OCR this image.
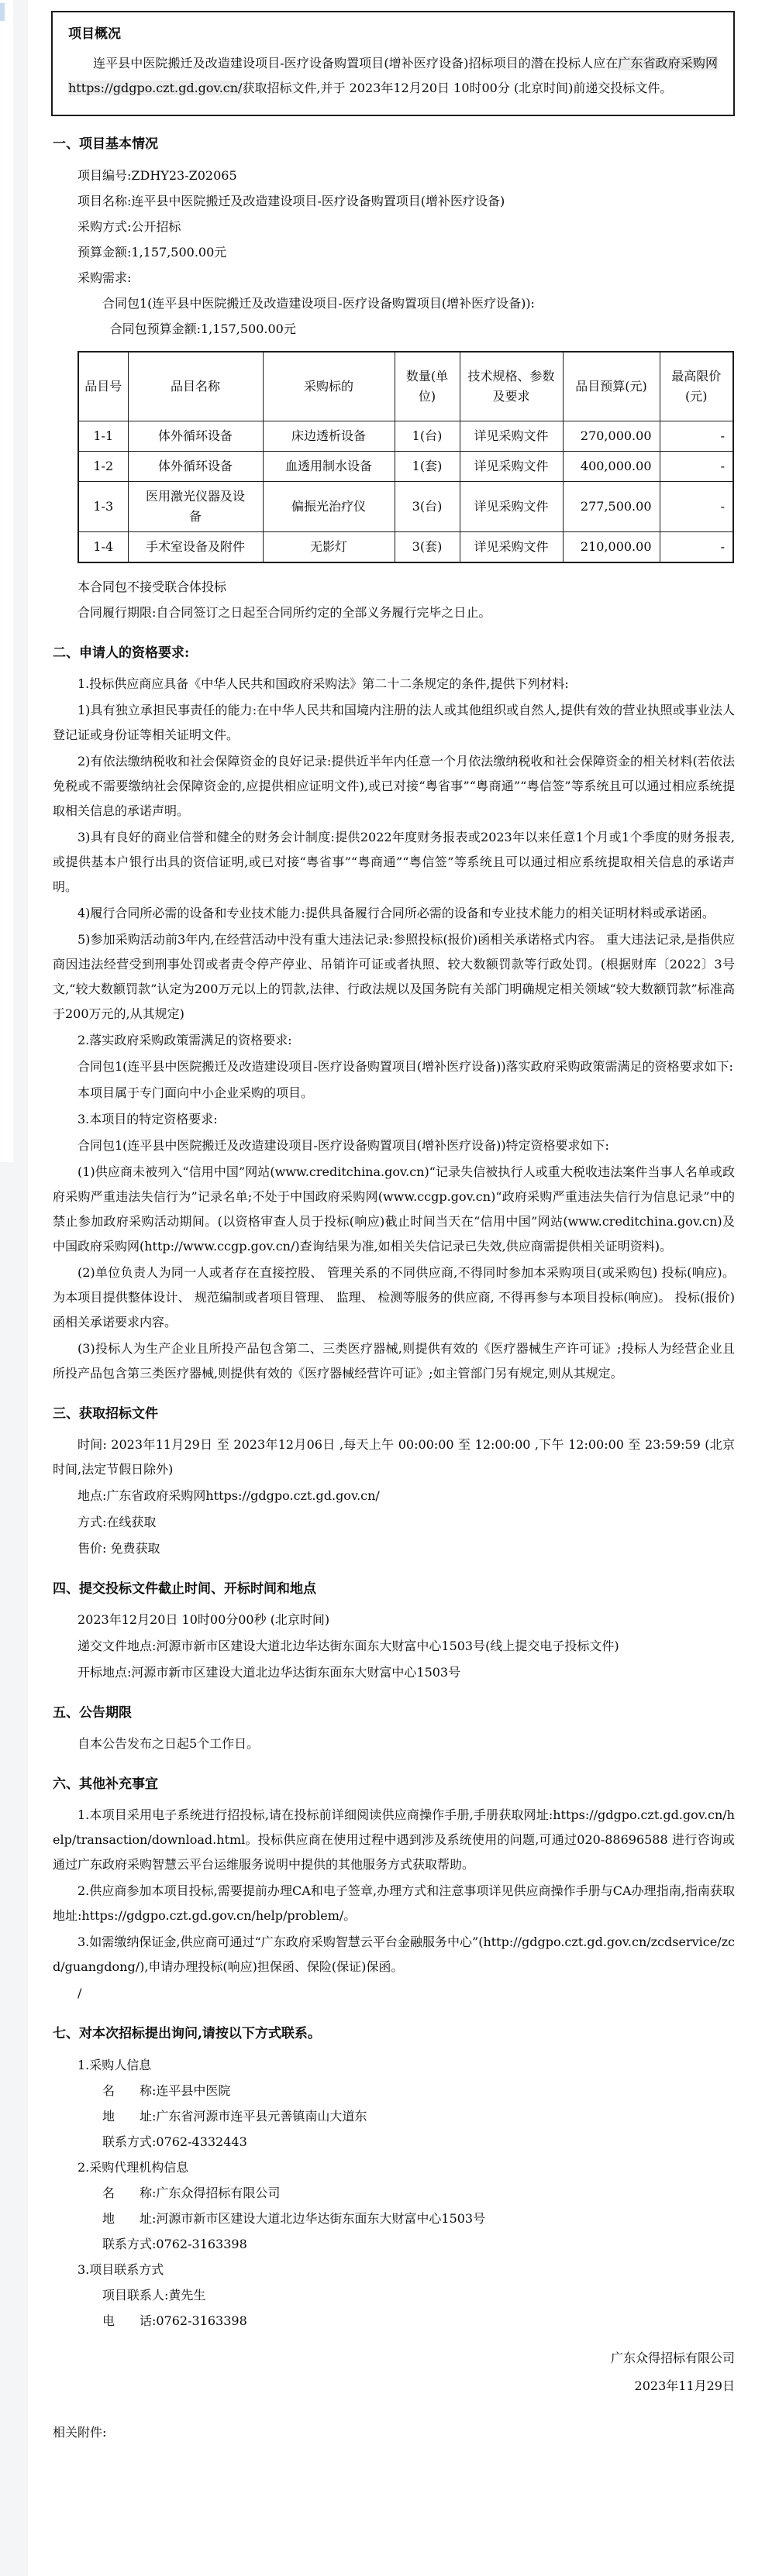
项目概况

连平县中医院搬迁及改造建设项目-医疗设备购置项目(增补医疗设备)招标项目的潜在投标人应在广东省政府采购网https://gdgpo.czt.gd.gov.cn/获取招标文件,并于 2023年12月20日 10时00分 (北京时间)前递交投标文件。

一、项目基本情况
项目编号:ZDHY23-Z02065
项目名称:连平县中医院搬迁及改造建设项目-医疗设备购置项目(增补医疗设备)
采购方式:公开招标
预算金额:1,157,500.00元
采购需求:
合同包1(连平县中医院搬迁及改造建设项目-医疗设备购置项目(增补医疗设备)):
合同包预算金额:1,157,500.00元
品目号	品目名称	采购标的	数量(单位)	技术规格、参数及要求	品目预算(元)	最高限价(元)
1-1	体外循环设备	床边透析设备	1(台)	详见采购文件	270,000.00	-
1-2	体外循环设备	血透用制水设备	1(套)	详见采购文件	400,000.00	-
1-3	医用激光仪器及设备	偏振光治疗仪	3(台)	详见采购文件	277,500.00	-
1-4	手术室设备及附件	无影灯	3(套)	详见采购文件	210,000.00	-
本合同包不接受联合体投标
合同履行期限:自合同签订之日起至合同所约定的全部义务履行完毕之日止。
二、申请人的资格要求:

1.投标供应商应具备《中华人民共和国政府采购法》第二十二条规定的条件,提供下列材料:

1)具有独立承担民事责任的能力:在中华人民共和国境内注册的法人或其他组织或自然人,提供有效的营业执照或事业法人登记证或身份证等相关证明文件。

2)有依法缴纳税收和社会保障资金的良好记录:提供近半年内任意一个月依法缴纳税收和社会保障资金的相关材料(若依法免税或不需要缴纳社会保障资金的,应提供相应证明文件),或已对接“粤省事”“粤商通”“粤信签”等系统且可以通过相应系统提取相关信息的承诺声明。

3)具有良好的商业信誉和健全的财务会计制度:提供2022年度财务报表或2023年以来任意1个月或1个季度的财务报表,或提供基本户银行出具的资信证明,或已对接“粤省事”“粤商通”“粤信签”等系统且可以通过相应系统提取相关信息的承诺声明。

4)履行合同所必需的设备和专业技术能力:提供具备履行合同所必需的设备和专业技术能力的相关证明材料或承诺函。

5)参加采购活动前3年内,在经营活动中没有重大违法记录:参照投标(报价)函相关承诺格式内容。 重大违法记录,是指供应商因违法经营受到刑事处罚或者责令停产停业、吊销许可证或者执照、较大数额罚款等行政处罚。(根据财库〔2022〕3号文,“较大数额罚款”认定为200万元以上的罚款,法律、行政法规以及国务院有关部门明确规定相关领域“较大数额罚款”标准高于200万元的,从其规定)

2.落实政府采购政策需满足的资格要求:

合同包1(连平县中医院搬迁及改造建设项目-医疗设备购置项目(增补医疗设备))落实政府采购政策需满足的资格要求如下:

本项目属于专门面向中小企业采购的项目。

3.本项目的特定资格要求:

合同包1(连平县中医院搬迁及改造建设项目-医疗设备购置项目(增补医疗设备))特定资格要求如下:

(1)供应商未被列入“信用中国”网站(www.creditchina.gov.cn)“记录失信被执行人或重大税收违法案件当事人名单或政府采购严重违法失信行为”记录名单;不处于中国政府采购网(www.ccgp.gov.cn)“政府采购严重违法失信行为信息记录”中的禁止参加政府采购活动期间。(以资格审查人员于投标(响应)截止时间当天在“信用中国”网站(www.creditchina.gov.cn)及中国政府采购网(http://www.ccgp.gov.cn/)查询结果为准,如相关失信记录已失效,供应商需提供相关证明资料)。

(2)单位负责人为同一人或者存在直接控股、 管理关系的不同供应商,不得同时参加本采购项目(或采购包) 投标(响应)。 为本项目提供整体设计、 规范编制或者项目管理、 监理、 检测等服务的供应商, 不得再参与本项目投标(响应)。 投标(报价) 函相关承诺要求内容。

(3)投标人为生产企业且所投产品包含第二、三类医疗器械,则提供有效的《医疗器械生产许可证》;投标人为经营企业且所投产品包含第三类医疗器械,则提供有效的《医疗器械经营许可证》;如主管部门另有规定,则从其规定。

三、获取招标文件

时间: 2023年11月29日 至 2023年12月06日 ,每天上午 00:00:00 至 12:00:00 ,下午 12:00:00 至 23:59:59 (北京时间,法定节假日除外)

地点:广东省政府采购网https://gdgpo.czt.gd.gov.cn/

方式:在线获取

售价: 免费获取

四、提交投标文件截止时间、开标时间和地点

2023年12月20日 10时00分00秒 (北京时间)

递交文件地点:河源市新市区建设大道北边华达街东面东大财富中心1503号(线上提交电子投标文件)

开标地点:河源市新市区建设大道北边华达街东面东大财富中心1503号

五、公告期限

自本公告发布之日起5个工作日。

六、其他补充事宜

1.本项目采用电子系统进行招投标,请在投标前详细阅读供应商操作手册,手册获取网址:https://gdgpo.czt.gd.gov.cn/help/transaction/download.html。投标供应商在使用过程中遇到涉及系统使用的问题,可通过020-88696588 进行咨询或通过广东政府采购智慧云平台运维服务说明中提供的其他服务方式获取帮助。

2.供应商参加本项目投标,需要提前办理CA和电子签章,办理方式和注意事项详见供应商操作手册与CA办理指南,指南获取地址:https://gdgpo.czt.gd.gov.cn/help/problem/。

3.如需缴纳保证金,供应商可通过“广东政府采购智慧云平台金融服务中心”(http://gdgpo.czt.gd.gov.cn/zcdservice/zcd/guangdong/),申请办理投标(响应)担保函、保险(保证)保函。

/

七、对本次招标提出询问,请按以下方式联系。
1.采购人信息
名　　称:连平县中医院
地　　址:广东省河源市连平县元善镇南山大道东
联系方式:0762-4332443
2.采购代理机构信息
名　　称:广东众得招标有限公司
地　　址:河源市新市区建设大道北边华达街东面东大财富中心1503号
联系方式:0762-3163398
3.项目联系方式
项目联系人:黄先生
电　　话:0762-3163398
广东众得招标有限公司
2023年11月29日
相关附件:
